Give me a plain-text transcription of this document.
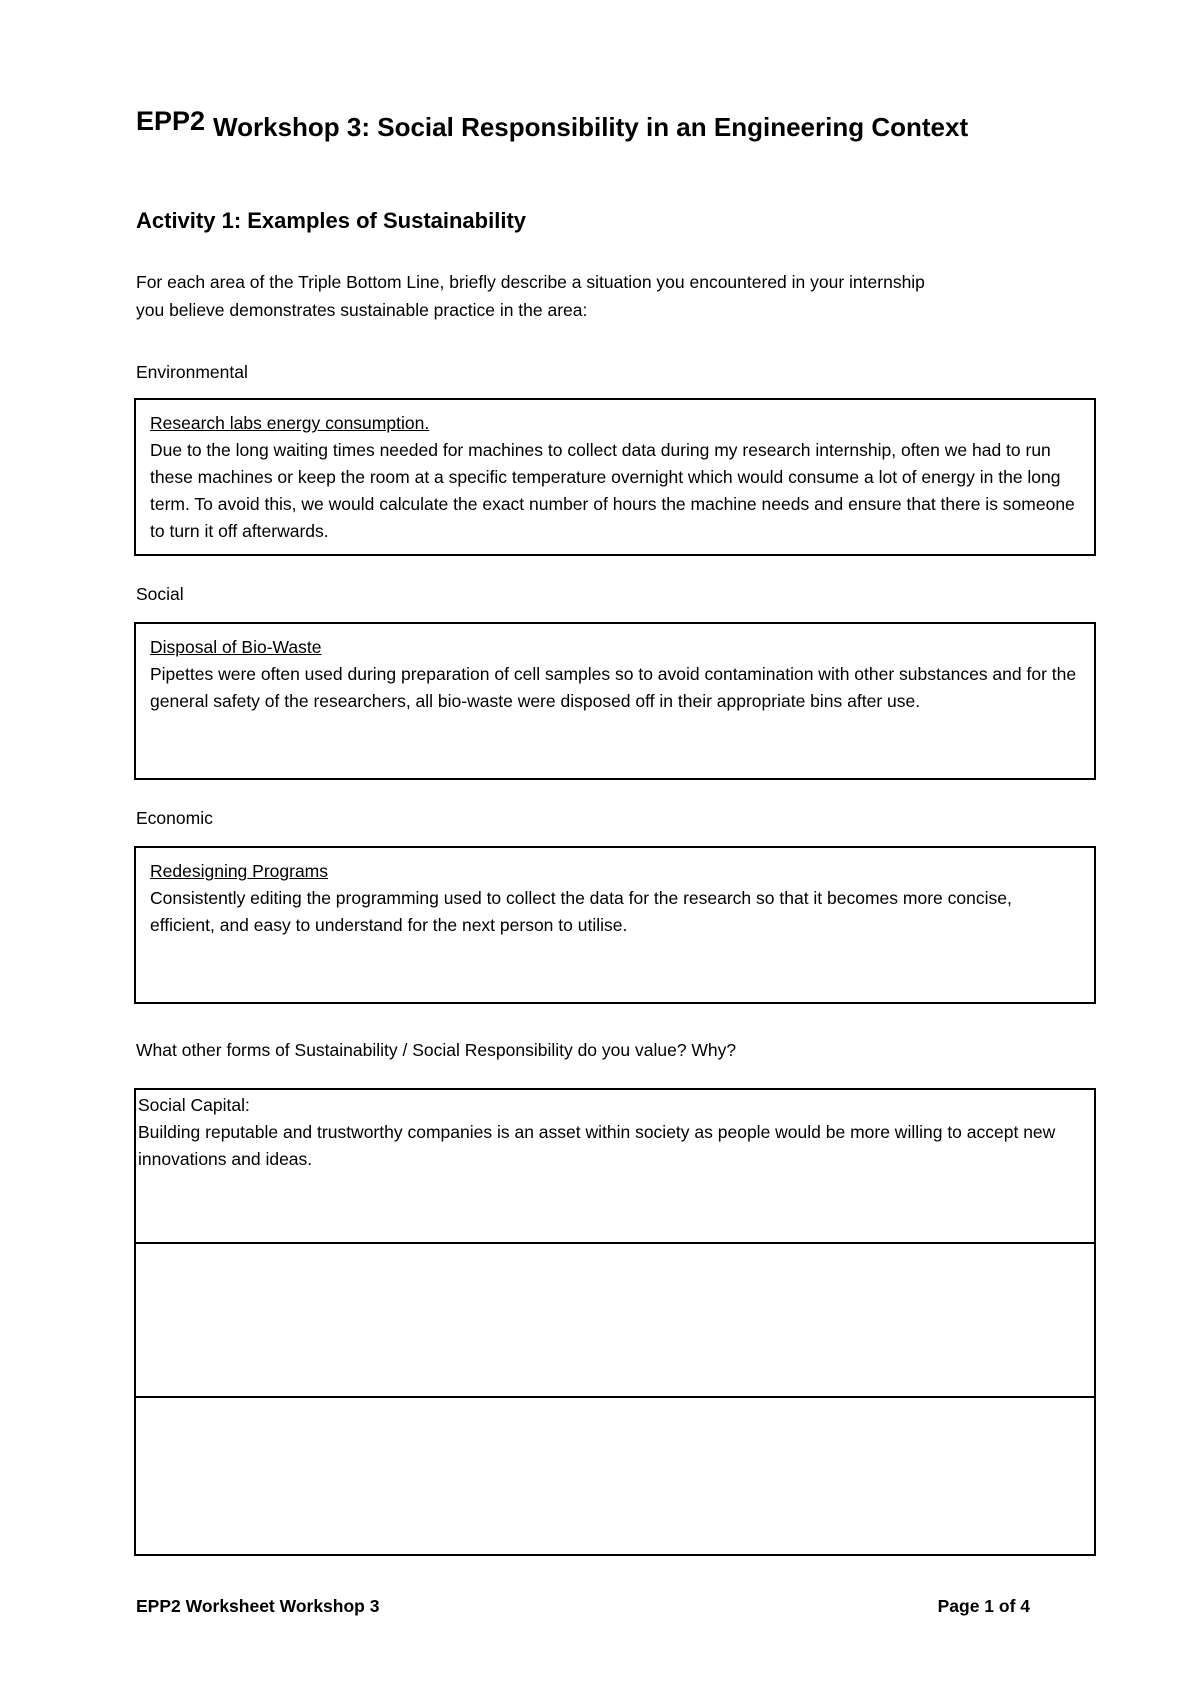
EPP2 Workshop 3: Social Responsibility in an Engineering Context
Activity 1: Examples of Sustainability
For each area of the Triple Bottom Line, briefly describe a situation you encountered in your internship
you believe demonstrates sustainable practice in the area:
Environmental
Research labs energy consumption.
Due to the long waiting times needed for machines to collect data during my research internship, often we had to run these machines or keep the room at a specific temperature overnight which would consume a lot of energy in the long term. To avoid this, we would calculate the exact number of hours the machine needs and ensure that there is someone to turn it off afterwards.
Social
Disposal of Bio-Waste
Pipettes were often used during preparation of cell samples so to avoid contamination with other substances and for the general safety of the researchers, all bio-waste were disposed off in their appropriate bins after use.
Economic
Redesigning Programs
Consistently editing the programming used to collect the data for the research so that it becomes more concise, efficient, and easy to understand for the next person to utilise.
What other forms of Sustainability / Social Responsibility do you value? Why?
Social Capital:
Building reputable and trustworthy companies is an asset within society as people would be more willing to accept new innovations and ideas.
EPP2 Worksheet Workshop 3	Page 1 of 4
